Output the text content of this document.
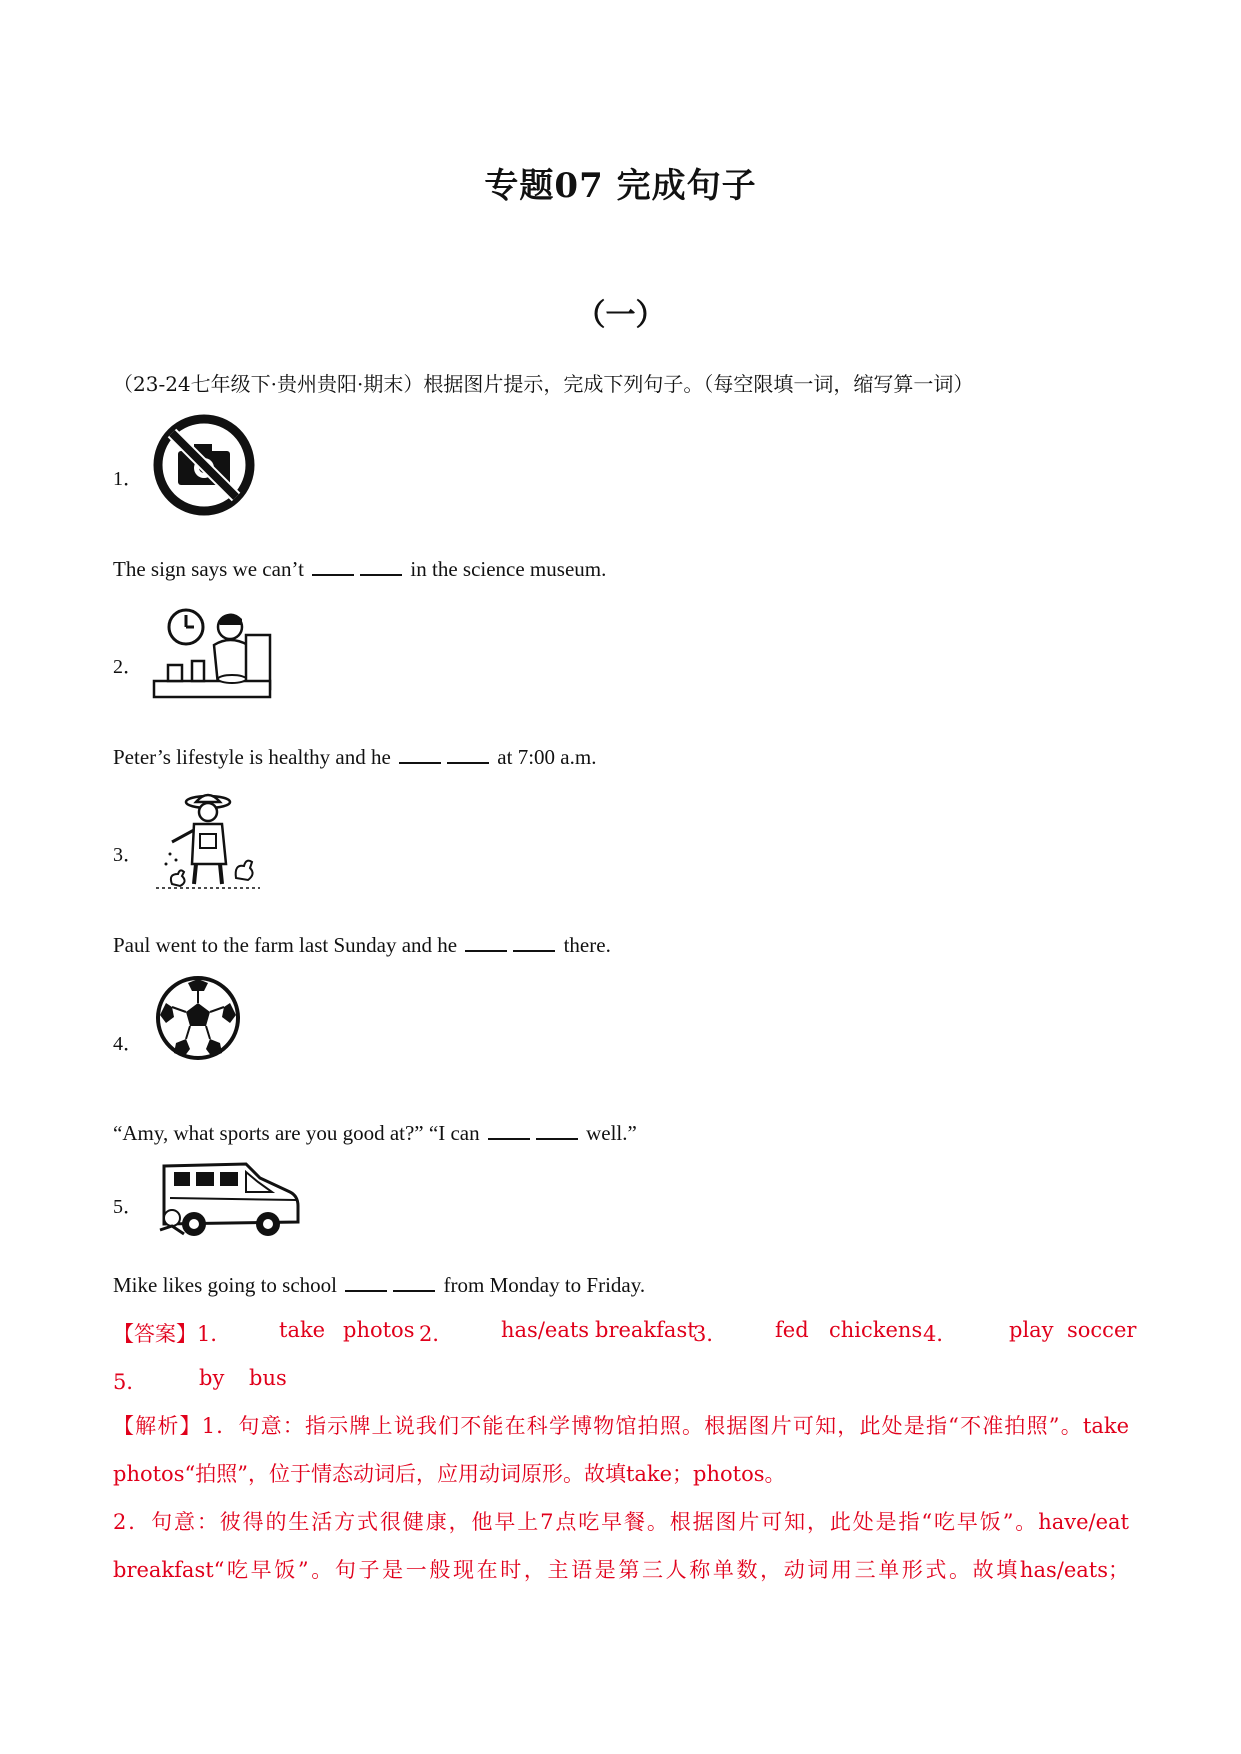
专题07 完成句子
（一）
（23-24七年级下·贵州贵阳·期末）根据图片提示，完成下列句子。（每空限填一词，缩写算一词）
1．
The sign says we can’t	in the science museum.
2．
Peter’s lifestyle is healthy and he	at 7:00 a.m.
3．
Paul went to the farm last Sunday and he	there.
4．
“Amy, what sports are you good at?” “I can	well.”
5．
Mike likes going to school	from Monday to Friday.
【答案】 1． take photos 2． has/eats breakfast
3． fed chickens 4． play soccer
5． by bus
【解析】1．句意：指示牌上说我们不能在科学博物馆拍照。根据图片可知，此处是指“不准拍照”。take
photos“拍照”，位于情态动词后，应用动词原形。故填take；photos。
2．句意：彼得的生活方式很健康，他早上7点吃早餐。根据图片可知，此处是指“吃早饭”。have/eat
breakfast“吃早饭”。句子是一般现在时，主语是第三人称单数，动词用三单形式。故填has/eats；
